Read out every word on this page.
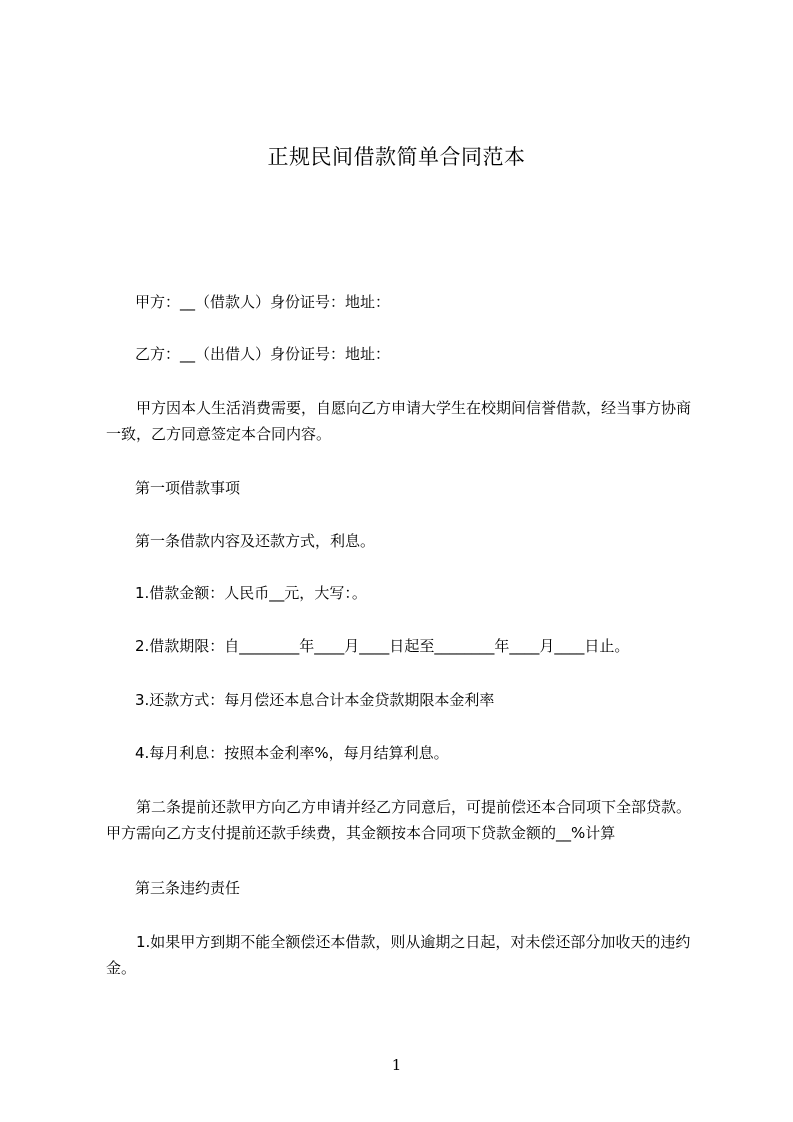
正规民间借款简单合同范本

甲方：__（借款人）身份证号：地址：

乙方：__（出借人）身份证号：地址：

　　甲方因本人生活消费需要，自愿向乙方申请大学生在校期间信誉借款，经当事方协商一致，乙方同意签定本合同内容。

第一项借款事项

第一条借款内容及还款方式，利息。

1.借款金额：人民币__元，大写：。

2.借款期限：自________年____月____日起至________年____月____日止。

3.还款方式：每月偿还本息合计本金贷款期限本金利率

4.每月利息：按照本金利率%，每月结算利息。

　　第二条提前还款甲方向乙方申请并经乙方同意后，可提前偿还本合同项下全部贷款。甲方需向乙方支付提前还款手续费，其金额按本合同项下贷款金额的__%计算

第三条违约责任

　　1.如果甲方到期不能全额偿还本借款，则从逾期之日起，对未偿还部分加收天的违约金。

1
